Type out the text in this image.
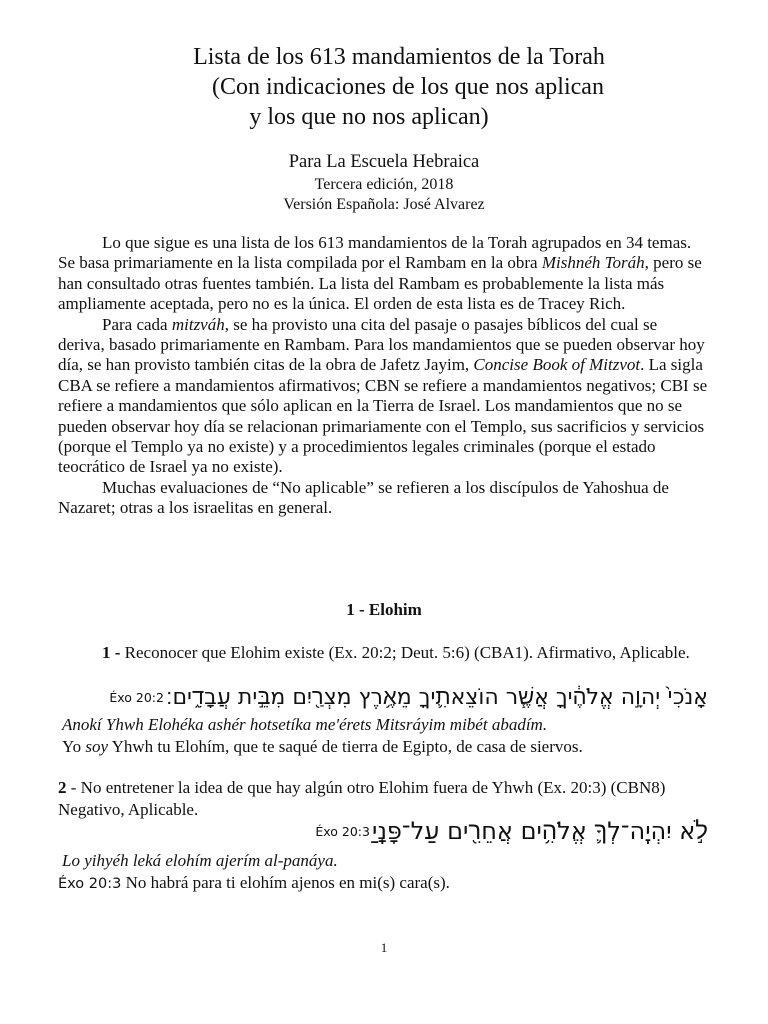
Lista de los 613 mandamientos de la Torah
(Con indicaciones de los que nos aplican
y los que no nos aplican)
Para La Escuela Hebraica
Tercera edición, 2018
Versión Española: José Alvarez

Lo que sigue es una lista de los 613 mandamientos de la Torah agrupados en 34 temas. Se basa primariamente en la lista compilada por el Rambam en la obra Mishnéh Toráh, pero se han consultado otras fuentes también. La lista del Rambam es probablemente la lista más ampliamente aceptada, pero no es la única. El orden de esta lista es de Tracey Rich.

Para cada mitzváh, se ha provisto una cita del pasaje o pasajes bíblicos del cual se deriva, basado primariamente en Rambam. Para los mandamientos que se pueden observar hoy día, se han provisto también citas de la obra de Jafetz Jayim, Concise Book of Mitzvot. La sigla CBA se refiere a mandamientos afirmativos; CBN se refiere a mandamientos negativos; CBI se refiere a mandamientos que sólo aplican en la Tierra de Israel. Los mandamientos que no se pueden observar hoy día se relacionan primariamente con el Templo, sus sacrificios y servicios (porque el Templo ya no existe) y a procedimientos legales criminales (porque el estado teocrático de Israel ya no existe).

Muchas evaluaciones de “No aplicable” se refieren a los discípulos de Yahoshua de Nazaret; otras a los israelitas en general.

1 - Elohim
1 - Reconocer que Elohim existe (Ex. 20:2; Deut. 5:6) (CBA1). Afirmativo, Aplicable.
Éxo 20:2 אָנֹכִי֙ יְהוָ֣ה אֱלֹהֶ֔יךָ אֲשֶׁ֧ר הוֹצֵאתִ֛יךָ מֵאֶ֥רֶץ מִצְרַ֖יִם מִבֵּ֣ית עֲבָדִ֑ים׃
Anokí Yhwh Elohéka ashér hotsetíka me'érets Mitsráyim mibét abadím.
Yo soy Yhwh tu Elohím, que te saqué de tierra de Egipto, de casa de siervos.
2 - No entretener la idea de que hay algún otro Elohim fuera de Yhwh (Ex. 20:3) (CBN8) Negativo, Aplicable.
Éxo 20:3 לֹ֣א יִהְיֶֽה־לְךָ֛ אֱלֹהִ֥ים אֲחֵרִ֖ים עַל־פָּנָֽיַ
Lo yihyéh leká elohím ajerím al-panáya.
Éxo 20:3 No habrá para ti elohím ajenos en mi(s) cara(s).
1
